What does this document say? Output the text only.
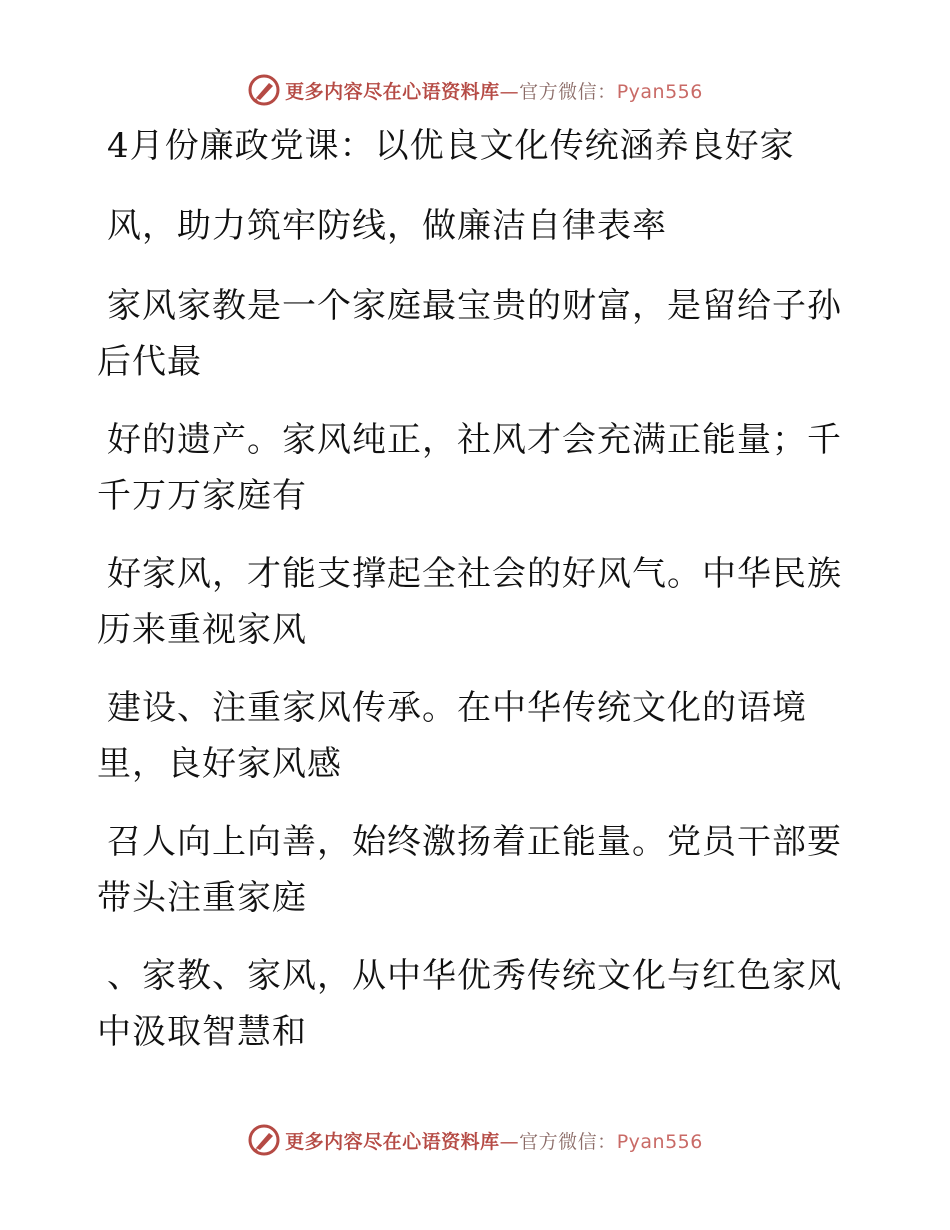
更多内容尽在心语资料库—官方微信：Pyan556
4月份廉政党课：以优良文化传统涵养良好家
风，助力筑牢防线，做廉洁自律表率
家风家教是一个家庭最宝贵的财富，是留给子孙
后代最
好的遗产。家风纯正，社风才会充满正能量；千
千万万家庭有
好家风，才能支撑起全社会的好风气。中华民族
历来重视家风
建设、注重家风传承。在中华传统文化的语境
里，良好家风感
召人向上向善，始终激扬着正能量。党员干部要
带头注重家庭
、家教、家风，从中华优秀传统文化与红色家风
中汲取智慧和
更多内容尽在心语资料库—官方微信：Pyan556
